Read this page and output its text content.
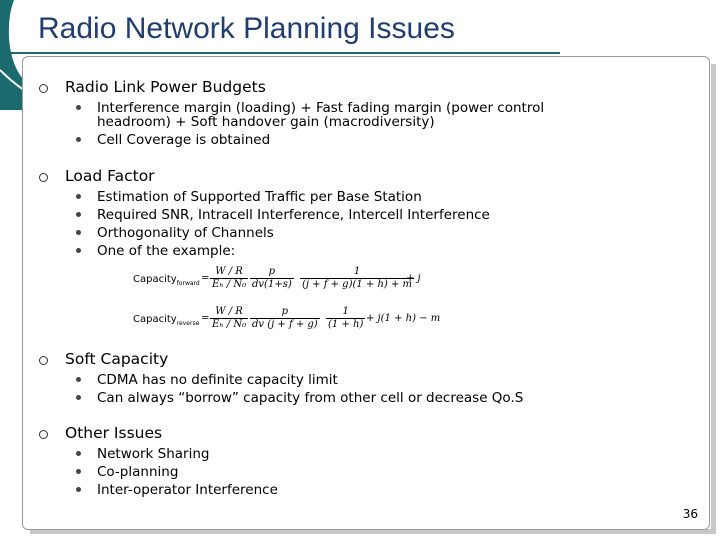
Radio Network Planning Issues
Radio Link Power Budgets
Interference margin (loading) + Fast fading margin (power control
headroom) + Soft handover gain (macrodiversity)
Cell Coverage is obtained
Load Factor
Estimation of Supported Traffic per Base Station
Required SNR, Intracell Interference, Intercell Interference
Orthogonality of Channels
One of the example:
Capacity$_{forward}$ = $\frac{W / R}{\text{Eₕ / N₀}} \frac{p}{dv(1+s)} \frac{1}{(j + f + g)(1 + h) + m}$
+ j
Capacity$_{reverse}$ = $\frac{W / R}{\text{Eₕ / N₀}} \frac{p}{dv (j + f + g)} \frac{1}{(1 + h)} + j(1 + h) - m$
Soft Capacity
CDMA has no definite capacity limit
Can always “borrow” capacity from other cell or decrease Qo.S
Other Issues
Network Sharing
Co-planning
Inter-operator Interference
36
